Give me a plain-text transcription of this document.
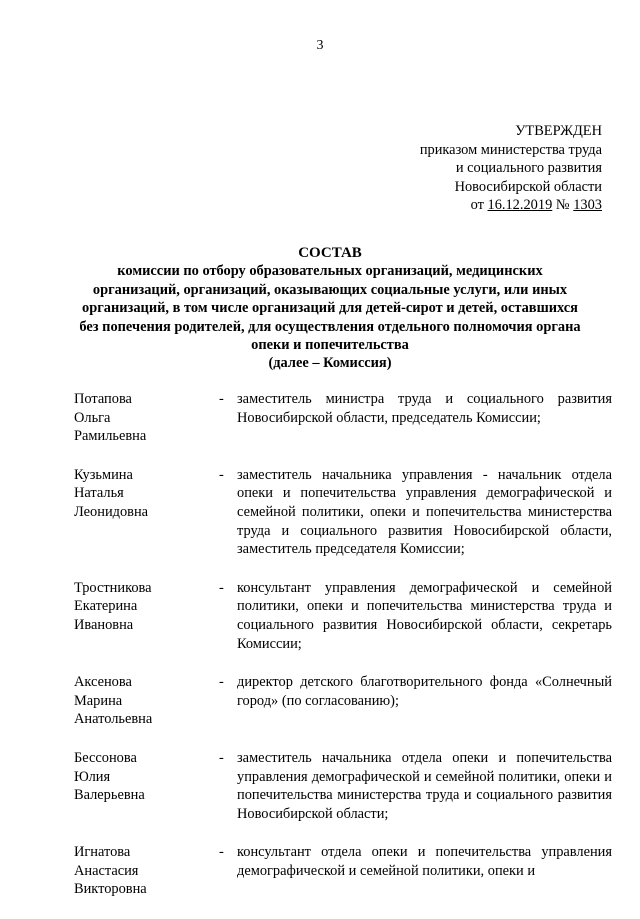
3
УТВЕРЖДЕН
приказом министерства труда
и социального развития
Новосибирской области
от 16.12.2019 № 1303
СОСТАВ
комиссии по отбору образовательных организаций, медицинских
организаций, организаций, оказывающих социальные услуги, или иных
организаций, в том числе организаций для детей-сирот и детей, оставшихся
без попечения родителей, для осуществления отдельного полномочия органа
опеки и попечительства
(далее – Комиссия)
Потапова
Ольга
Рамильевна
- заместитель министра труда и социального развития Новосибирской области, председатель Комиссии;
Кузьмина
Наталья
Леонидовна
- заместитель начальника управления - начальник отдела опеки и попечительства управления демографической и семейной политики, опеки и попечительства министерства труда и социального развития Новосибирской области, заместитель председателя Комиссии;
Тростникова
Екатерина
Ивановна
- консультант управления демографической и семейной политики, опеки и попечительства министерства труда и социального развития Новосибирской области, секретарь Комиссии;
Аксенова
Марина
Анатольевна
- директор детского благотворительного фонда «Солнечный город» (по согласованию);
Бессонова
Юлия
Валерьевна
- заместитель начальника отдела опеки и попечительства управления демографической и семейной политики, опеки и попечительства министерства труда и социального развития Новосибирской области;
Игнатова
Анастасия
Викторовна
- консультант отдела опеки и попечительства управления демографической и семейной политики, опеки и
